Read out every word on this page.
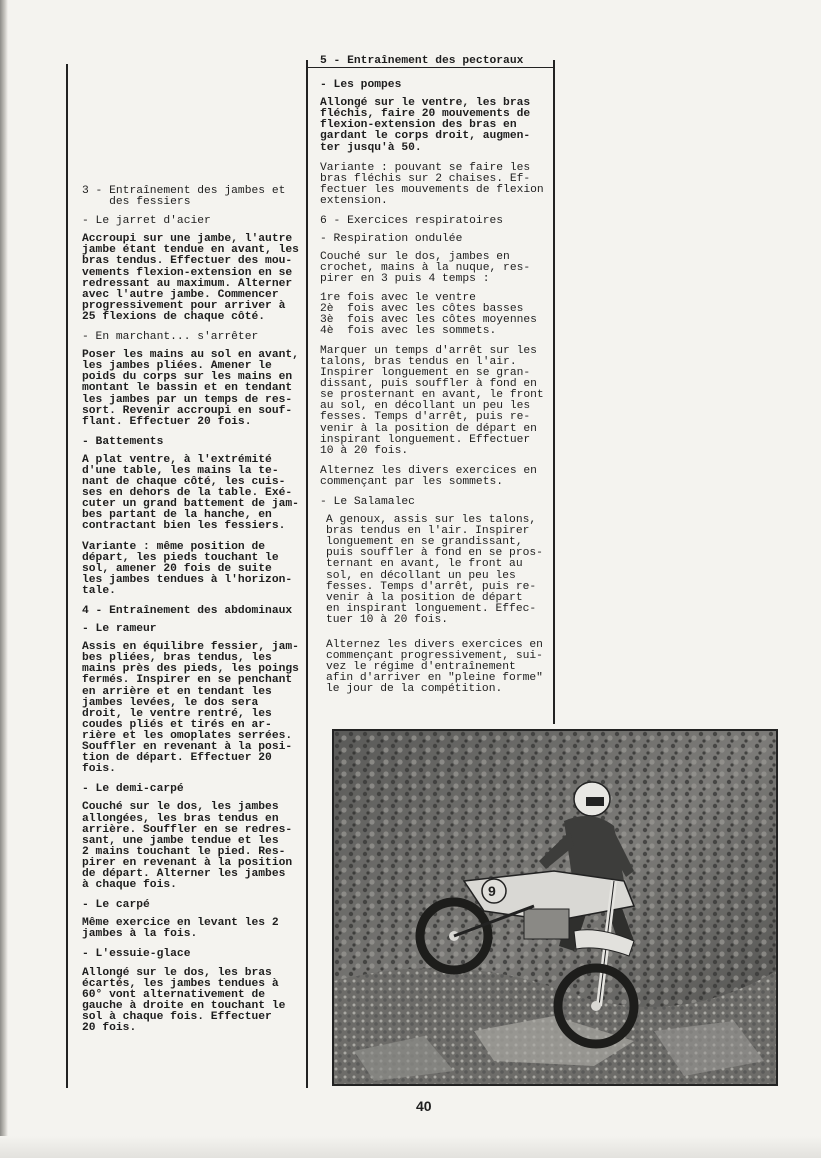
3 - Entraînement des jambes et
des fessiers
- Le jarret d'acier
Accroupi sur une jambe, l'autre
jambe étant tendue en avant, les
bras tendus. Effectuer des mou-
vements flexion-extension en se
redressant au maximum. Alterner
avec l'autre jambe. Commencer
progressivement pour arriver à
25 flexions de chaque côté.
- En marchant... s'arrêter
Poser les mains au sol en avant,
les jambes pliées. Amener le
poids du corps sur les mains en
montant le bassin et en tendant
les jambes par un temps de res-
sort. Revenir accroupi en souf-
flant. Effectuer 20 fois.
- Battements
A plat ventre, à l'extrémité
d'une table, les mains la te-
nant de chaque côté, les cuis-
ses en dehors de la table. Exé-
cuter un grand battement de jam-
bes partant de la hanche, en
contractant bien les fessiers.
Variante : même position de
départ, les pieds touchant le
sol, amener 20 fois de suite
les jambes tendues à l'horizon-
tale.
4 - Entraînement des abdominaux
- Le rameur
Assis en équilibre fessier, jam-
bes pliées, bras tendus, les
mains près des pieds, les poings
fermés. Inspirer en se penchant
en arrière et en tendant les
jambes levées, le dos sera
droit, le ventre rentré, les
coudes pliés et tirés en ar-
rière et les omoplates serrées.
Souffler en revenant à la posi-
tion de départ. Effectuer 20
fois.
- Le demi-carpé
Couché sur le dos, les jambes
allongées, les bras tendus en
arrière. Souffler en se redres-
sant, une jambe tendue et les
2 mains touchant le pied. Res-
pirer en revenant à la position
de départ. Alterner les jambes
à chaque fois.
- Le carpé
Même exercice en levant les 2
jambes à la fois.
- L'essuie-glace
Allongé sur le dos, les bras
écartés, les jambes tendues à
60° vont alternativement de
gauche à droite en touchant le
sol à chaque fois. Effectuer
20 fois.
5 - Entraînement des pectoraux
- Les pompes
Allongé sur le ventre, les bras
fléchis, faire 20 mouvements de
flexion-extension des bras en
gardant le corps droit, augmen-
ter jusqu'à 50.
Variante : pouvant se faire les
bras fléchis sur 2 chaises. Ef-
fectuer les mouvements de flexion
extension.
6 - Exercices respiratoires
- Respiration ondulée
Couché sur le dos, jambes en
crochet, mains à la nuque, res-
pirer en 3 puis 4 temps :
1re fois avec le ventre
2è  fois avec les côtes basses
3è  fois avec les côtes moyennes
4è  fois avec les sommets.
Marquer un temps d'arrêt sur les
talons, bras tendus en l'air.
Inspirer longuement en se gran-
dissant, puis souffler à fond en
se prosternant en avant, le front
au sol, en décollant un peu les
fesses. Temps d'arrêt, puis re-
venir à la position de départ en
inspirant longuement. Effectuer
10 à 20 fois.
Alternez les divers exercices en
commençant par les sommets.
- Le Salamalec
A genoux, assis sur les talons,
bras tendus en l'air. Inspirer
longuement en se grandissant,
puis souffler à fond en se pros-
ternant en avant, le front au
sol, en décollant un peu les
fesses. Temps d'arrêt, puis re-
venir à la position de départ
en inspirant longuement. Effec-
tuer 10 à 20 fois.
Alternez les divers exercices en
commençant progressivement, sui-
vez le régime d'entraînement
afin d'arriver en "pleine forme"
le jour de la compétition.
9
40
